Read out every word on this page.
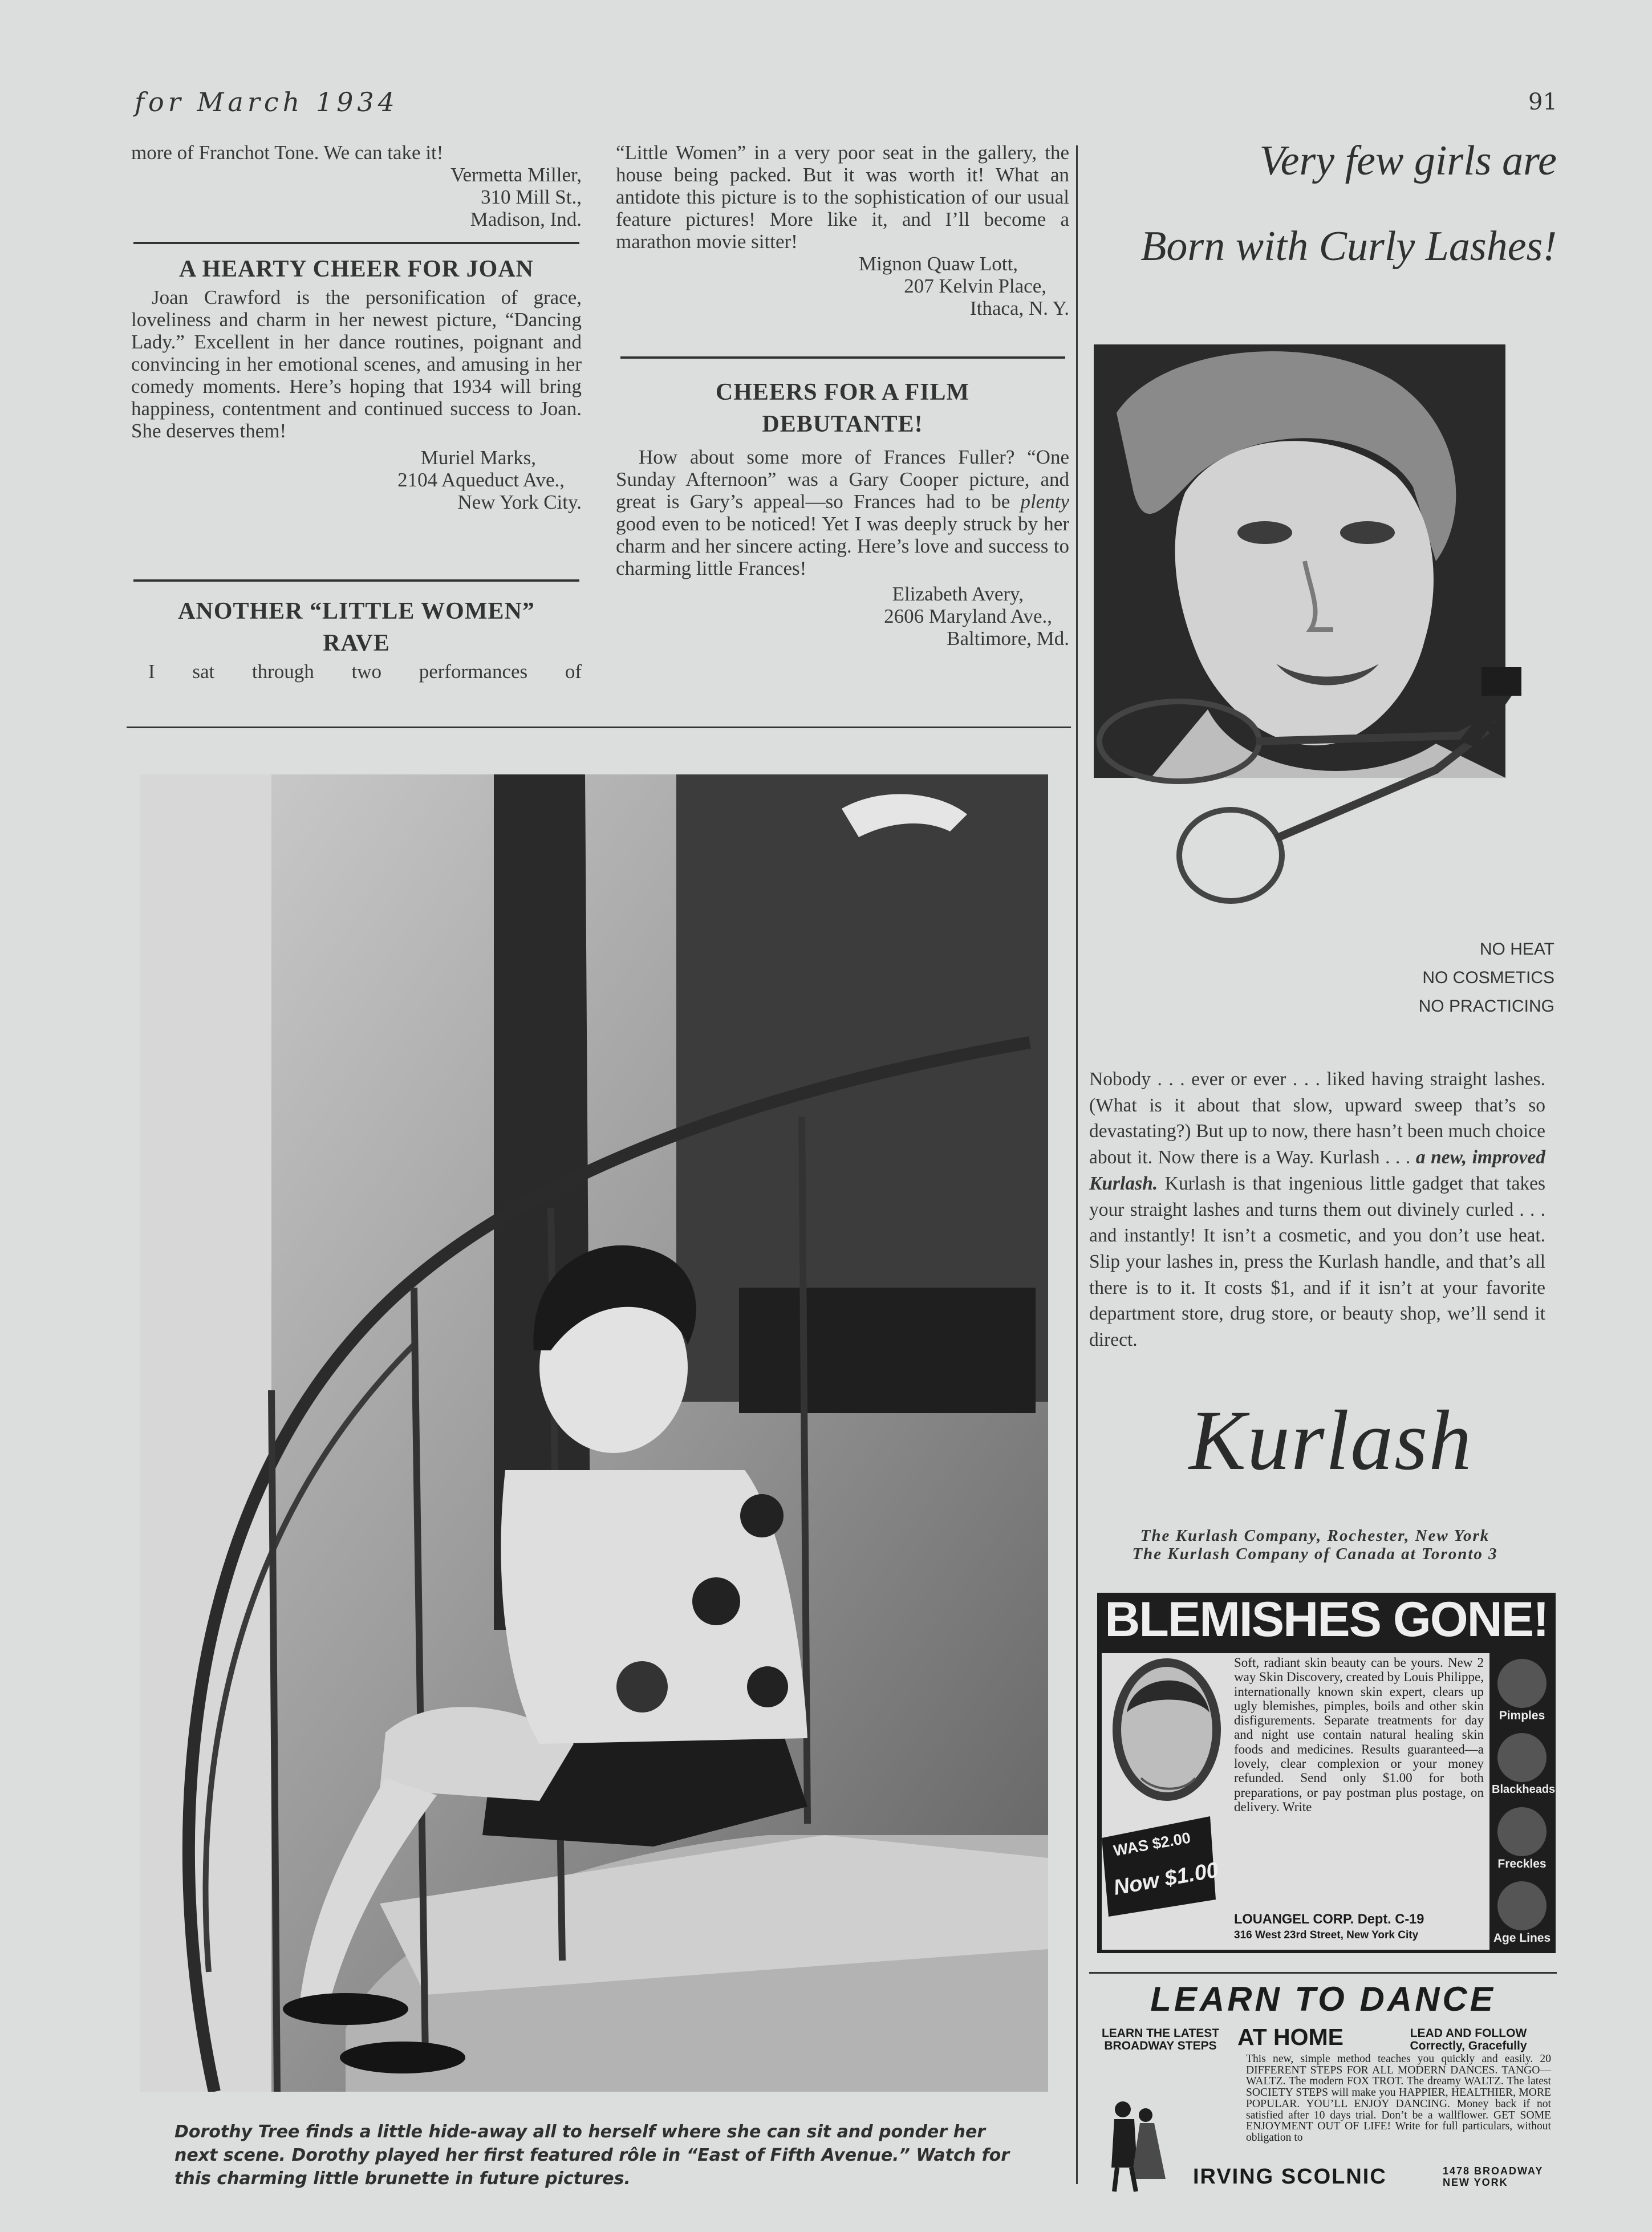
for March 1934	91

more of Franchot Tone. We can take it!

Vermetta Miller,
310 Mill St.,
Madison, Ind.
A HEARTY CHEER FOR JOAN

Joan Crawford is the personification of grace, loveliness and charm in her newest picture, “Dancing Lady.” Excellent in her dance routines, poignant and convincing in her emotional scenes, and amusing in her comedy moments. Here’s hoping that 1934 will bring happiness, contentment and continued success to Joan. She deserves them!

Muriel Marks,
2104 Aqueduct Ave.,
New York City.
ANOTHER “LITTLE WOMEN”
RAVE

I sat through two performances of

“Little Women” in a very poor seat in the gallery, the house being packed. But it was worth it! What an antidote this picture is to the sophistication of our usual feature pictures! More like it, and I’ll become a marathon movie sitter!

Mignon Quaw Lott,
207 Kelvin Place,
Ithaca, N. Y.
CHEERS FOR A FILM
DEBUTANTE!

How about some more of Frances Fuller? “One Sunday Afternoon” was a Gary Cooper picture, and great is Gary’s appeal—so Frances had to be plenty good even to be noticed! Yet I was deeply struck by her charm and her sincere acting. Here’s love and success to charming little Frances!

Elizabeth Avery,
2606 Maryland Ave.,
Baltimore, Md.
Dorothy Tree finds a little hide-away all to herself where she can sit and ponder her next scene. Dorothy played her first featured rôle in “East of Fifth Avenue.” Watch for this charming little brunette in future pictures.
Very few girls are
Born with Curly Lashes!
NO HEAT
NO COSMETICS
NO PRACTICING

Nobody . . . ever or ever . . . liked having straight lashes. (What is it about that slow, upward sweep that’s so devastating?) But up to now, there hasn’t been much choice about it. Now there is a Way. Kurlash . . . a new, improved Kurlash. Kurlash is that ingenious little gadget that takes your straight lashes and turns them out divinely curled . . . and instantly! It isn’t a cosmetic, and you don’t use heat. Slip your lashes in, press the Kurlash handle, and that’s all there is to it. It costs $1, and if it isn’t at your favorite department store, drug store, or beauty shop, we’ll send it direct.

Kurlash
The Kurlash Company, Rochester, New York
The Kurlash Company of Canada at Toronto 3
BLEMISHES GONE!
WAS $2.00
Now $1.00

Soft, radiant skin beauty can be yours. New 2 way Skin Discovery, created by Louis Philippe, internationally known skin expert, clears up ugly blemishes, pimples, boils and other skin disfigurements. Separate treatments for day and night use contain natural healing skin foods and medicines. Results guaranteed—a lovely, clear complexion or your money refunded. Send only $1.00 for both preparations, or pay postman plus postage, on delivery. Write

LOUANGEL CORP. Dept. C-19
316 West 23rd Street, New York City
Pimples
Blackheads
Freckles
Age Lines
LEARN TO DANCE
LEARN THE LATEST BROADWAY STEPS AT HOME	LEAD AND FOLLOW Correctly, Gracefully

This new, simple method teaches you quickly and easily. 20 DIFFERENT STEPS FOR ALL MODERN DANCES. TANGO—WALTZ. The modern FOX TROT. The dreamy WALTZ. The latest SOCIETY STEPS will make you HAPPIER, HEALTHIER, MORE POPULAR. YOU’LL ENJOY DANCING. Money back if not satisfied after 10 days trial. Don’t be a wallflower. GET SOME ENJOYMENT OUT OF LIFE! Write for full particulars, without obligation to

IRVING SCOLNIC	1478 BROADWAY NEW YORK
